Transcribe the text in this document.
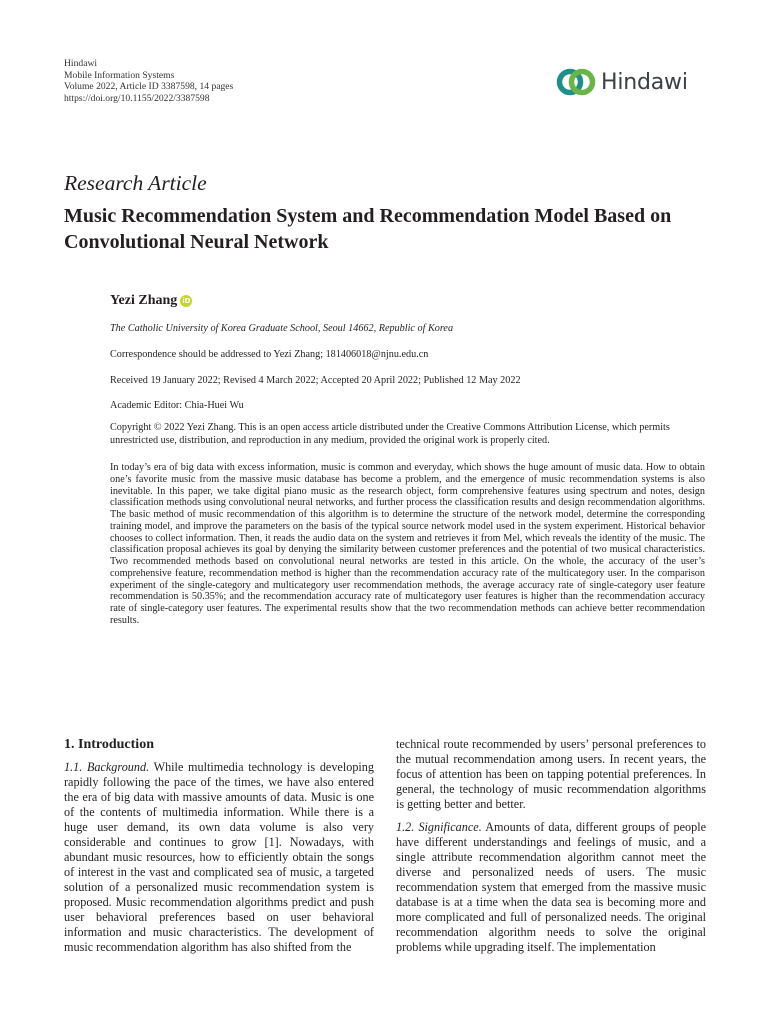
Hindawi
Mobile Information Systems
Volume 2022, Article ID 3387598, 14 pages
https://doi.org/10.1155/2022/3387598
Hindawi
Research Article
Music Recommendation System and Recommendation Model Based on Convolutional Neural Network
Yezi Zhang iD
The Catholic University of Korea Graduate School, Seoul 14662, Republic of Korea
Correspondence should be addressed to Yezi Zhang; 181406018@njnu.edu.cn
Received 19 January 2022; Revised 4 March 2022; Accepted 20 April 2022; Published 12 May 2022
Academic Editor: Chia-Huei Wu
Copyright © 2022 Yezi Zhang. This is an open access article distributed under the Creative Commons Attribution License, which permits unrestricted use, distribution, and reproduction in any medium, provided the original work is properly cited.

In today’s era of big data with excess information, music is common and everyday, which shows the huge amount of music data. How to obtain one’s favorite music from the massive music database has become a problem, and the emergence of music recommendation systems is also inevitable. In this paper, we take digital piano music as the research object, form comprehensive features using spectrum and notes, design classification methods using convolutional neural networks, and further process the classification results and design recommendation algorithms. The basic method of music recommendation of this algorithm is to determine the structure of the network model, determine the corresponding training model, and improve the parameters on the basis of the typical source network model used in the system experiment. Historical behavior chooses to collect information. Then, it reads the audio data on the system and retrieves it from Mel, which reveals the identity of the music. The classification proposal achieves its goal by denying the similarity between customer preferences and the potential of two musical characteristics. Two recommended methods based on convolutional neural networks are tested in this article. On the whole, the accuracy of the user’s comprehensive feature, recommendation method is higher than the recommendation accuracy rate of the multicategory user. In the comparison experiment of the single-category and multicategory user recommendation methods, the average accuracy rate of single-category user feature recommendation is 50.35%; and the recommendation accuracy rate of multicategory user features is higher than the recommendation accuracy rate of single-category user features. The experimental results show that the two recommendation methods can achieve better recommendation results.

1. Introduction

1.1. Background. While multimedia technology is developing rapidly following the pace of the times, we have also entered the era of big data with massive amounts of data. Music is one of the contents of multimedia information. While there is a huge user demand, its own data volume is also very considerable and continues to grow [1]. Nowadays, with abundant music resources, how to efficiently obtain the songs of interest in the vast and complicated sea of music, a targeted solution of a personalized music recommendation system is proposed. Music recommendation algorithms predict and push user behavioral preferences based on user behavioral information and music characteristics. The development of music recommendation algorithm has also shifted from the

technical route recommended by users’ personal preferences to the mutual recommendation among users. In recent years, the focus of attention has been on tapping potential preferences. In general, the technology of music recommendation algorithms is getting better and better.

1.2. Significance. Amounts of data, different groups of people have different understandings and feelings of music, and a single attribute recommendation algorithm cannot meet the diverse and personalized needs of users. The music recommendation system that emerged from the massive music database is at a time when the data sea is becoming more and more complicated and full of personalized needs. The original recommendation algorithm needs to solve the original problems while upgrading itself. The implementation
